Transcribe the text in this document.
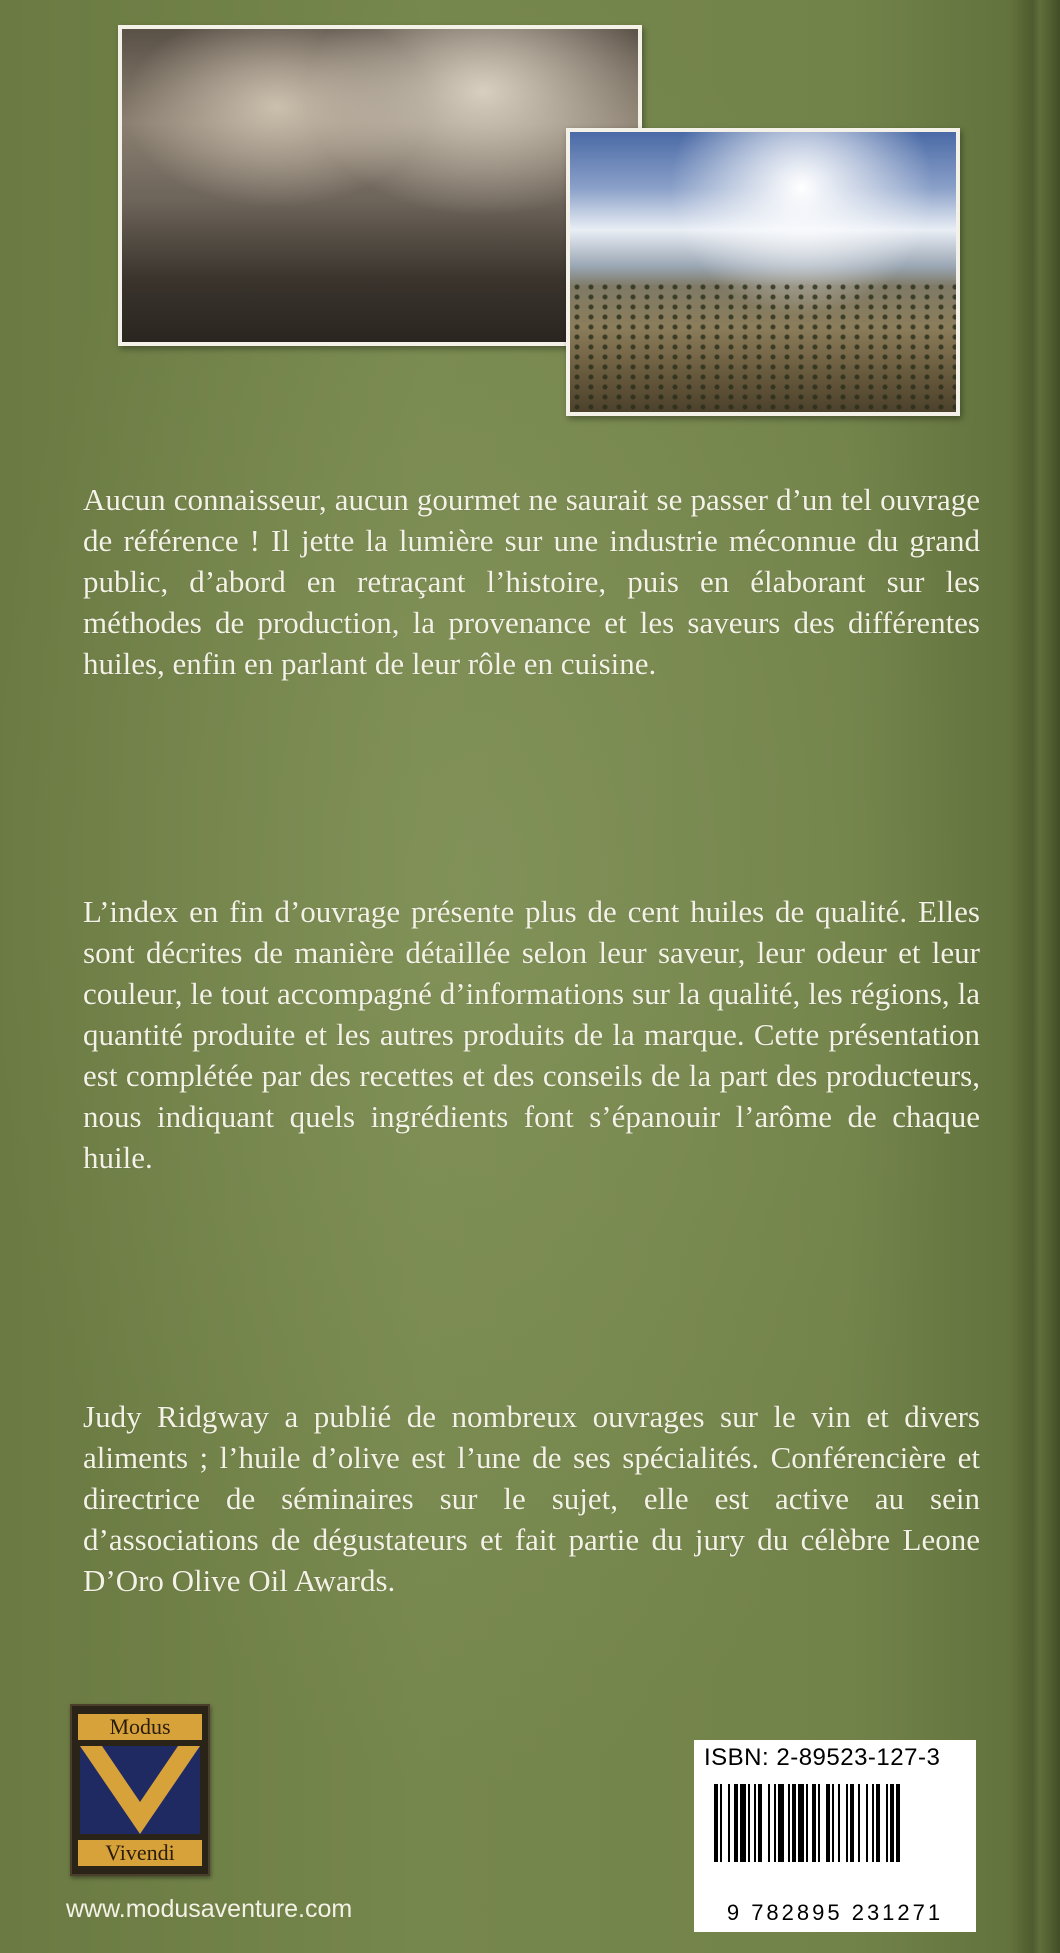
Aucun connaisseur, aucun gourmet ne saurait se passer d’un tel ouvrage de référence ! Il jette la lumière sur une industrie méconnue du grand public, d’abord en retraçant l’histoire, puis en élaborant sur les méthodes de production, la provenance et les saveurs des différentes huiles, enfin en parlant de leur rôle en cuisine.

L’index en fin d’ouvrage présente plus de cent huiles de qualité. Elles sont décrites de manière détaillée selon leur saveur, leur odeur et leur couleur, le tout accompagné d’informations sur la qualité, les régions, la quantité produite et les autres produits de la marque. Cette présentation est complétée par des recettes et des conseils de la part des producteurs, nous indiquant quels ingrédients font s’épanouir l’arôme de chaque huile.

Judy Ridgway a publié de nombreux ouvrages sur le vin et divers aliments ; l’huile d’olive est l’une de ses spécialités. Conférencière et directrice de séminaires sur le sujet, elle est active au sein d’associations de dégustateurs et fait partie du jury du célèbre Leone D’Oro Olive Oil Awards.

Modus
Vivendi
www.modusaventure.com
ISBN: 2-89523-127-3
9 782895 231271
